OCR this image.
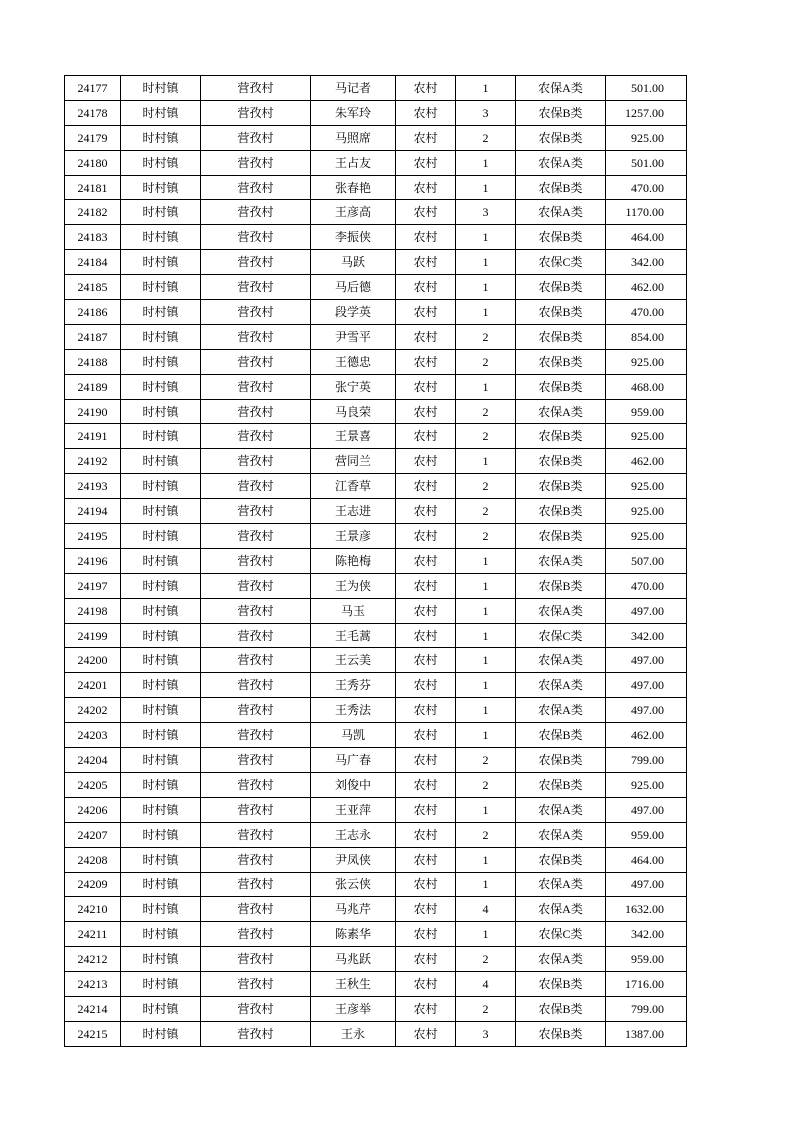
24177	时村镇	营孜村	马记者	农村	1	农保A类	501.00
24178	时村镇	营孜村	朱军玲	农村	3	农保B类	1257.00
24179	时村镇	营孜村	马照席	农村	2	农保B类	925.00
24180	时村镇	营孜村	王占友	农村	1	农保A类	501.00
24181	时村镇	营孜村	张春艳	农村	1	农保B类	470.00
24182	时村镇	营孜村	王彦高	农村	3	农保A类	1170.00
24183	时村镇	营孜村	李振侠	农村	1	农保B类	464.00
24184	时村镇	营孜村	马跃	农村	1	农保C类	342.00
24185	时村镇	营孜村	马后德	农村	1	农保B类	462.00
24186	时村镇	营孜村	段学英	农村	1	农保B类	470.00
24187	时村镇	营孜村	尹雪平	农村	2	农保B类	854.00
24188	时村镇	营孜村	王德忠	农村	2	农保B类	925.00
24189	时村镇	营孜村	张宁英	农村	1	农保B类	468.00
24190	时村镇	营孜村	马良荣	农村	2	农保A类	959.00
24191	时村镇	营孜村	王景喜	农村	2	农保B类	925.00
24192	时村镇	营孜村	营同兰	农村	1	农保B类	462.00
24193	时村镇	营孜村	江香草	农村	2	农保B类	925.00
24194	时村镇	营孜村	王志进	农村	2	农保B类	925.00
24195	时村镇	营孜村	王景彦	农村	2	农保B类	925.00
24196	时村镇	营孜村	陈艳梅	农村	1	农保A类	507.00
24197	时村镇	营孜村	王为侠	农村	1	农保B类	470.00
24198	时村镇	营孜村	马玉	农村	1	农保A类	497.00
24199	时村镇	营孜村	王毛蒿	农村	1	农保C类	342.00
24200	时村镇	营孜村	王云美	农村	1	农保A类	497.00
24201	时村镇	营孜村	王秀芬	农村	1	农保A类	497.00
24202	时村镇	营孜村	王秀法	农村	1	农保A类	497.00
24203	时村镇	营孜村	马凯	农村	1	农保B类	462.00
24204	时村镇	营孜村	马广春	农村	2	农保B类	799.00
24205	时村镇	营孜村	刘俊中	农村	2	农保B类	925.00
24206	时村镇	营孜村	王亚萍	农村	1	农保A类	497.00
24207	时村镇	营孜村	王志永	农村	2	农保A类	959.00
24208	时村镇	营孜村	尹凤侠	农村	1	农保B类	464.00
24209	时村镇	营孜村	张云侠	农村	1	农保A类	497.00
24210	时村镇	营孜村	马兆芹	农村	4	农保A类	1632.00
24211	时村镇	营孜村	陈素华	农村	1	农保C类	342.00
24212	时村镇	营孜村	马兆跃	农村	2	农保A类	959.00
24213	时村镇	营孜村	王秋生	农村	4	农保B类	1716.00
24214	时村镇	营孜村	王彦举	农村	2	农保B类	799.00
24215	时村镇	营孜村	王永	农村	3	农保B类	1387.00
